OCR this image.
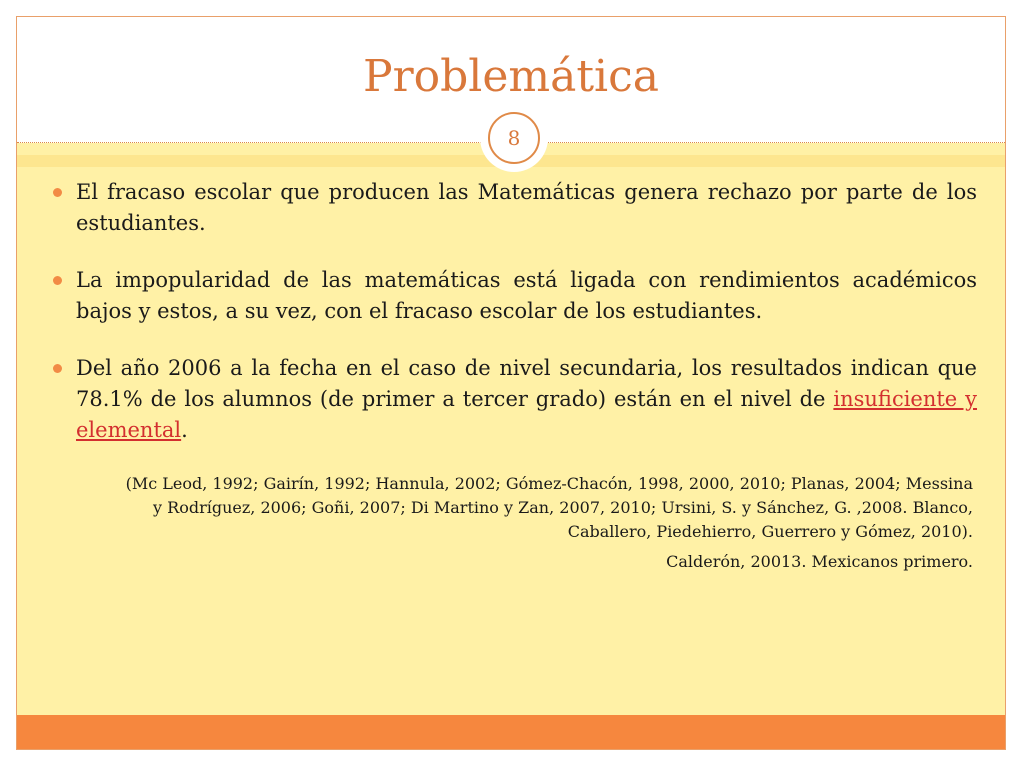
Problemática
8
El fracaso escolar que producen las Matemáticas genera rechazo por parte de los estudiantes.
La impopularidad de las matemáticas está ligada con rendimientos académicos bajos y estos, a su vez, con el fracaso escolar de los estudiantes.
Del año 2006 a la fecha en el caso de nivel secundaria, los resultados indican que 78.1% de los alumnos (de primer a tercer grado) están en el nivel de insuficiente y elemental.
(Mc Leod, 1992; Gairín, 1992; Hannula, 2002; Gómez-Chacón, 1998, 2000, 2010; Planas, 2004; Messina
y Rodríguez, 2006; Goñi, 2007; Di Martino y Zan, 2007, 2010; Ursini, S. y Sánchez, G. ,2008. Blanco,
Caballero, Piedehierro, Guerrero y Gómez, 2010).
Calderón, 20013. Mexicanos primero.
